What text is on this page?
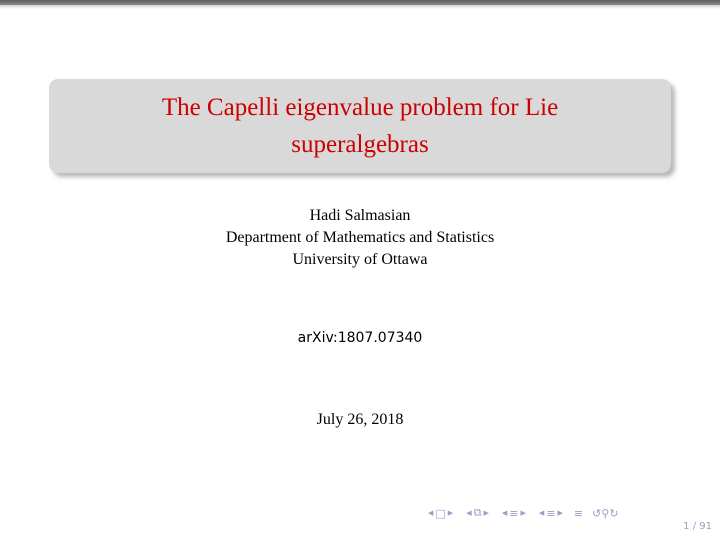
The Capelli eigenvalue problem for Lie superalgebras
Hadi Salmasian
Department of Mathematics and Statistics
University of Ottawa
arXiv:1807.07340
July 26, 2018
◀ □ ▶ ◀ ⧉ ▶ ◀ ≡ ▶ ◀ ≡ ▶ ≡ ↺ ⚲ ↻
1 / 91
